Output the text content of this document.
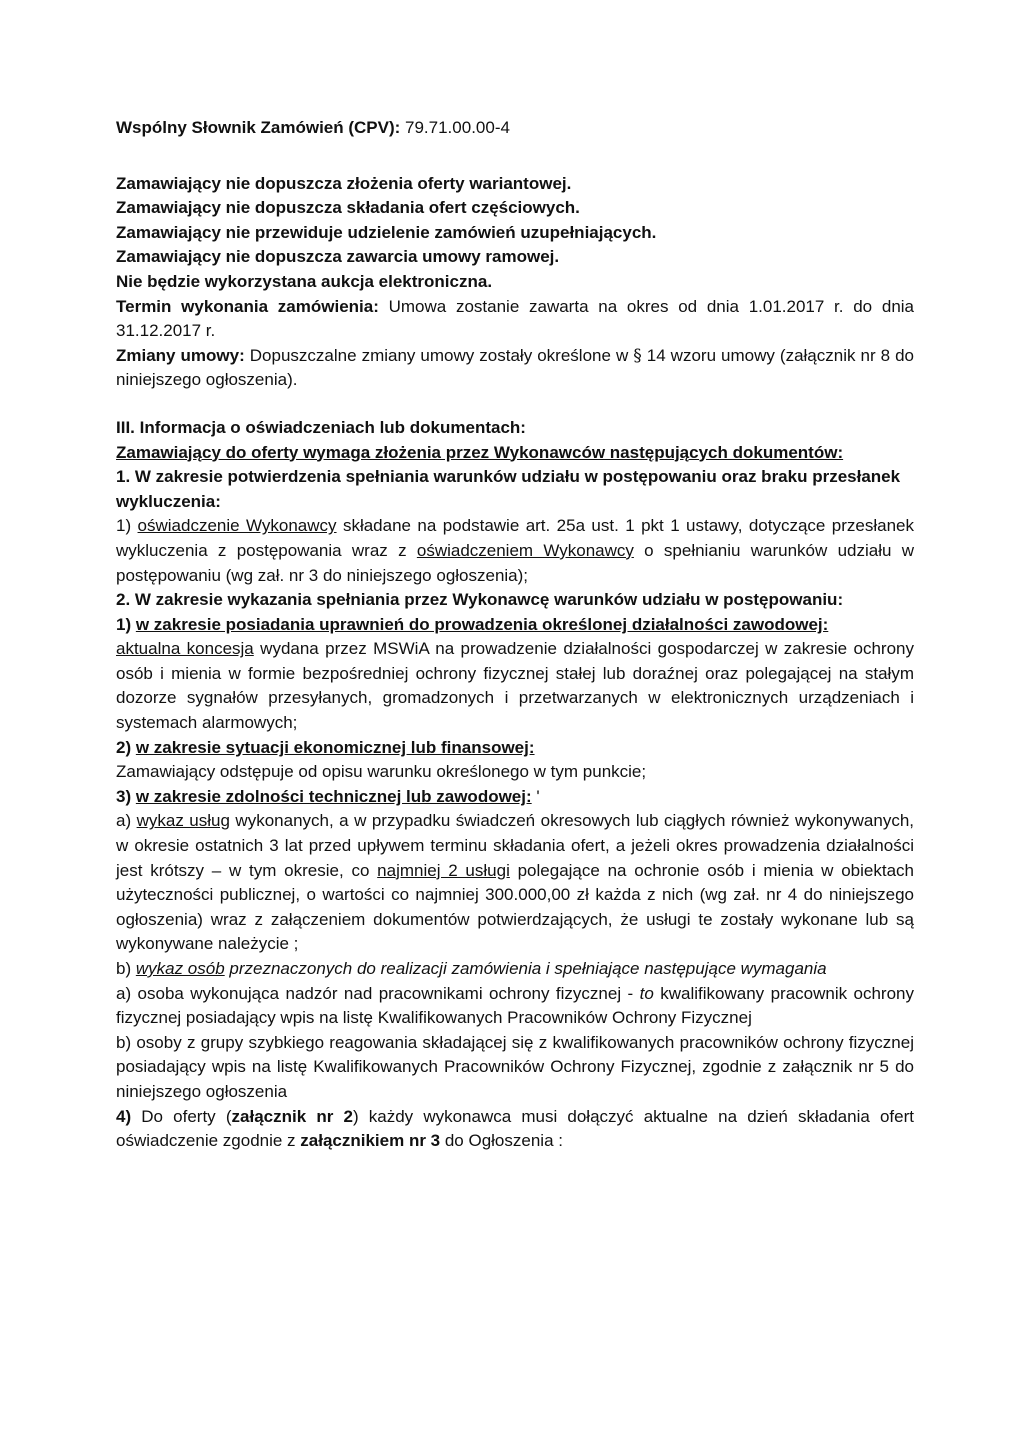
Wspólny Słownik Zamówień (CPV): 79.71.00.00-4

Zamawiający nie dopuszcza złożenia oferty wariantowej.

Zamawiający nie dopuszcza składania ofert częściowych.

Zamawiający nie przewiduje udzielenie zamówień uzupełniających.

Zamawiający nie dopuszcza zawarcia umowy ramowej.

Nie będzie wykorzystana aukcja elektroniczna.

Termin wykonania zamówienia: Umowa zostanie zawarta na okres od dnia 1.01.2017 r. do dnia 31.12.2017 r.

Zmiany umowy: Dopuszczalne zmiany umowy zostały określone w § 14 wzoru umowy (załącznik nr 8 do niniejszego ogłoszenia).

III. Informacja o oświadczeniach lub dokumentach:

Zamawiający do oferty wymaga złożenia przez Wykonawców następujących dokumentów:

1. W zakresie potwierdzenia spełniania warunków udziału w postępowaniu oraz braku przesłanek wykluczenia:

1) oświadczenie Wykonawcy składane na podstawie art. 25a ust. 1 pkt 1 ustawy, dotyczące przesłanek wykluczenia z postępowania wraz z oświadczeniem Wykonawcy o spełnianiu warunków udziału w postępowaniu (wg zał. nr 3 do niniejszego ogłoszenia);

2. W zakresie wykazania spełniania przez Wykonawcę warunków udziału w postępowaniu:

1) w zakresie posiadania uprawnień do prowadzenia określonej działalności zawodowej:

aktualna koncesja wydana przez MSWiA na prowadzenie działalności gospodarczej w zakresie ochrony osób i mienia w formie bezpośredniej ochrony fizycznej stałej lub doraźnej oraz polegającej na stałym dozorze sygnałów przesyłanych, gromadzonych i przetwarzanych w elektronicznych urządzeniach i systemach alarmowych;

2) w zakresie sytuacji ekonomicznej lub finansowej:

Zamawiający odstępuje od opisu warunku określonego w tym punkcie;

3) w zakresie zdolności technicznej lub zawodowej: '

a) wykaz usług wykonanych, a w przypadku świadczeń okresowych lub ciągłych również wykonywanych, w okresie ostatnich 3 lat przed upływem terminu składania ofert, a jeżeli okres prowadzenia działalności jest krótszy – w tym okresie, co najmniej 2 usługi polegające na ochronie osób i mienia w obiektach użyteczności publicznej, o wartości co najmniej 300.000,00 zł każda z nich (wg zał. nr 4 do niniejszego ogłoszenia) wraz z załączeniem dokumentów potwierdzających, że usługi te zostały wykonane lub są wykonywane należycie ;

b) wykaz osób przeznaczonych do realizacji zamówienia i spełniające następujące wymagania

a) osoba wykonująca nadzór nad pracownikami ochrony fizycznej - to kwalifikowany pracownik ochrony fizycznej posiadający wpis na listę Kwalifikowanych Pracowników Ochrony Fizycznej

b) osoby z grupy szybkiego reagowania składającej się z kwalifikowanych pracowników ochrony fizycznej posiadający wpis na listę Kwalifikowanych Pracowników Ochrony Fizycznej, zgodnie z załącznik nr 5 do niniejszego ogłoszenia

4) Do oferty (załącznik nr 2) każdy wykonawca musi dołączyć aktualne na dzień składania ofert oświadczenie zgodnie z załącznikiem nr 3 do Ogłoszenia :
